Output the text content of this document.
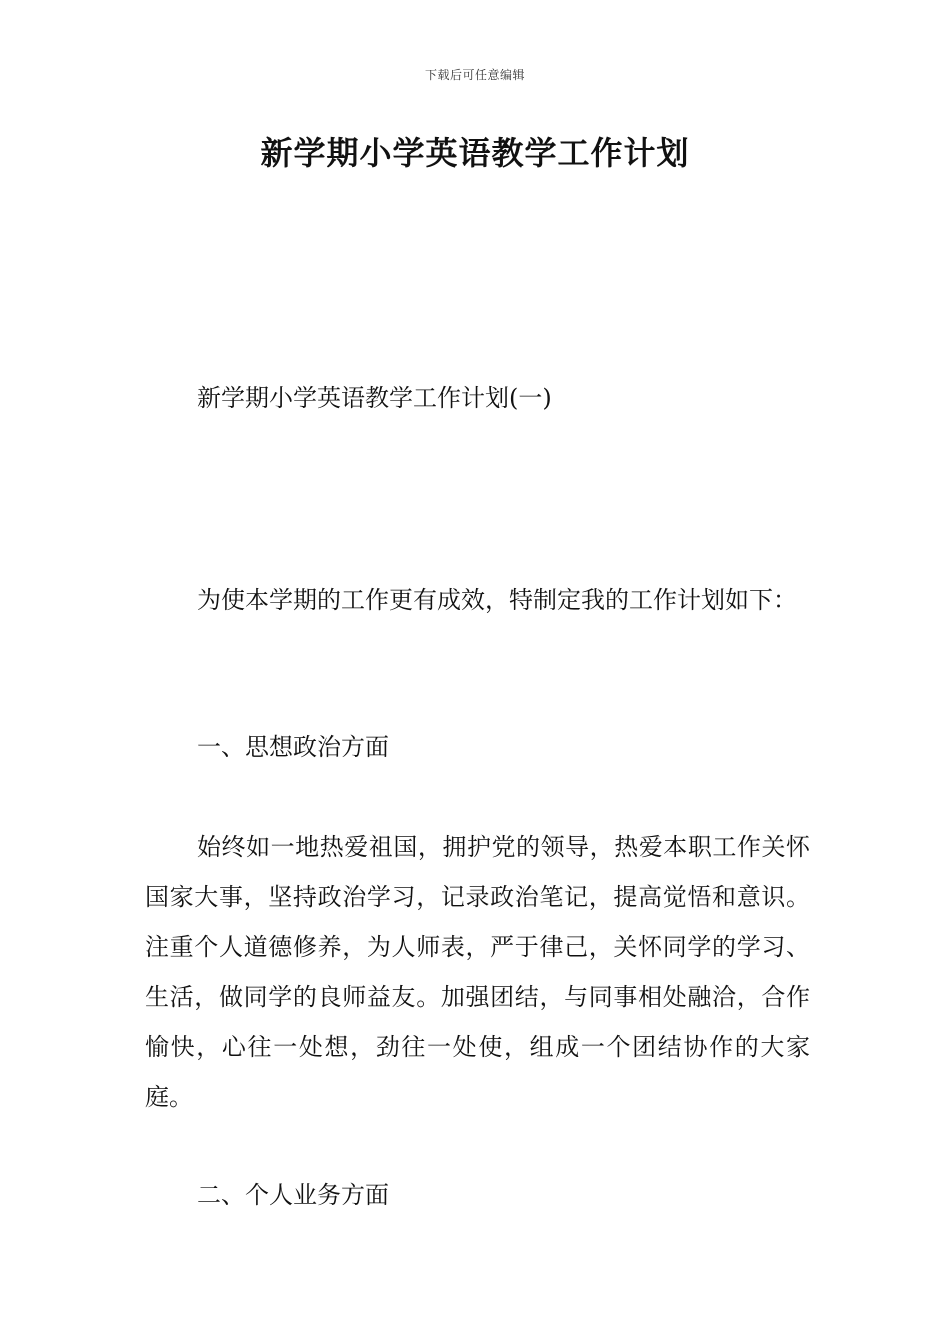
下载后可任意编辑
新学期小学英语教学工作计划

新学期小学英语教学工作计划(一)

为使本学期的工作更有成效，特制定我的工作计划如下：

一、思想政治方面

始终如一地热爱祖国，拥护党的领导，热爱本职工作关怀国家大事，坚持政治学习，记录政治笔记，提高觉悟和意识。注重个人道德修养，为人师表，严于律己，关怀同学的学习、生活，做同学的良师益友。加强团结，与同事相处融洽，合作愉快，心往一处想，劲往一处使，组成一个团结协作的大家庭。

二、个人业务方面
